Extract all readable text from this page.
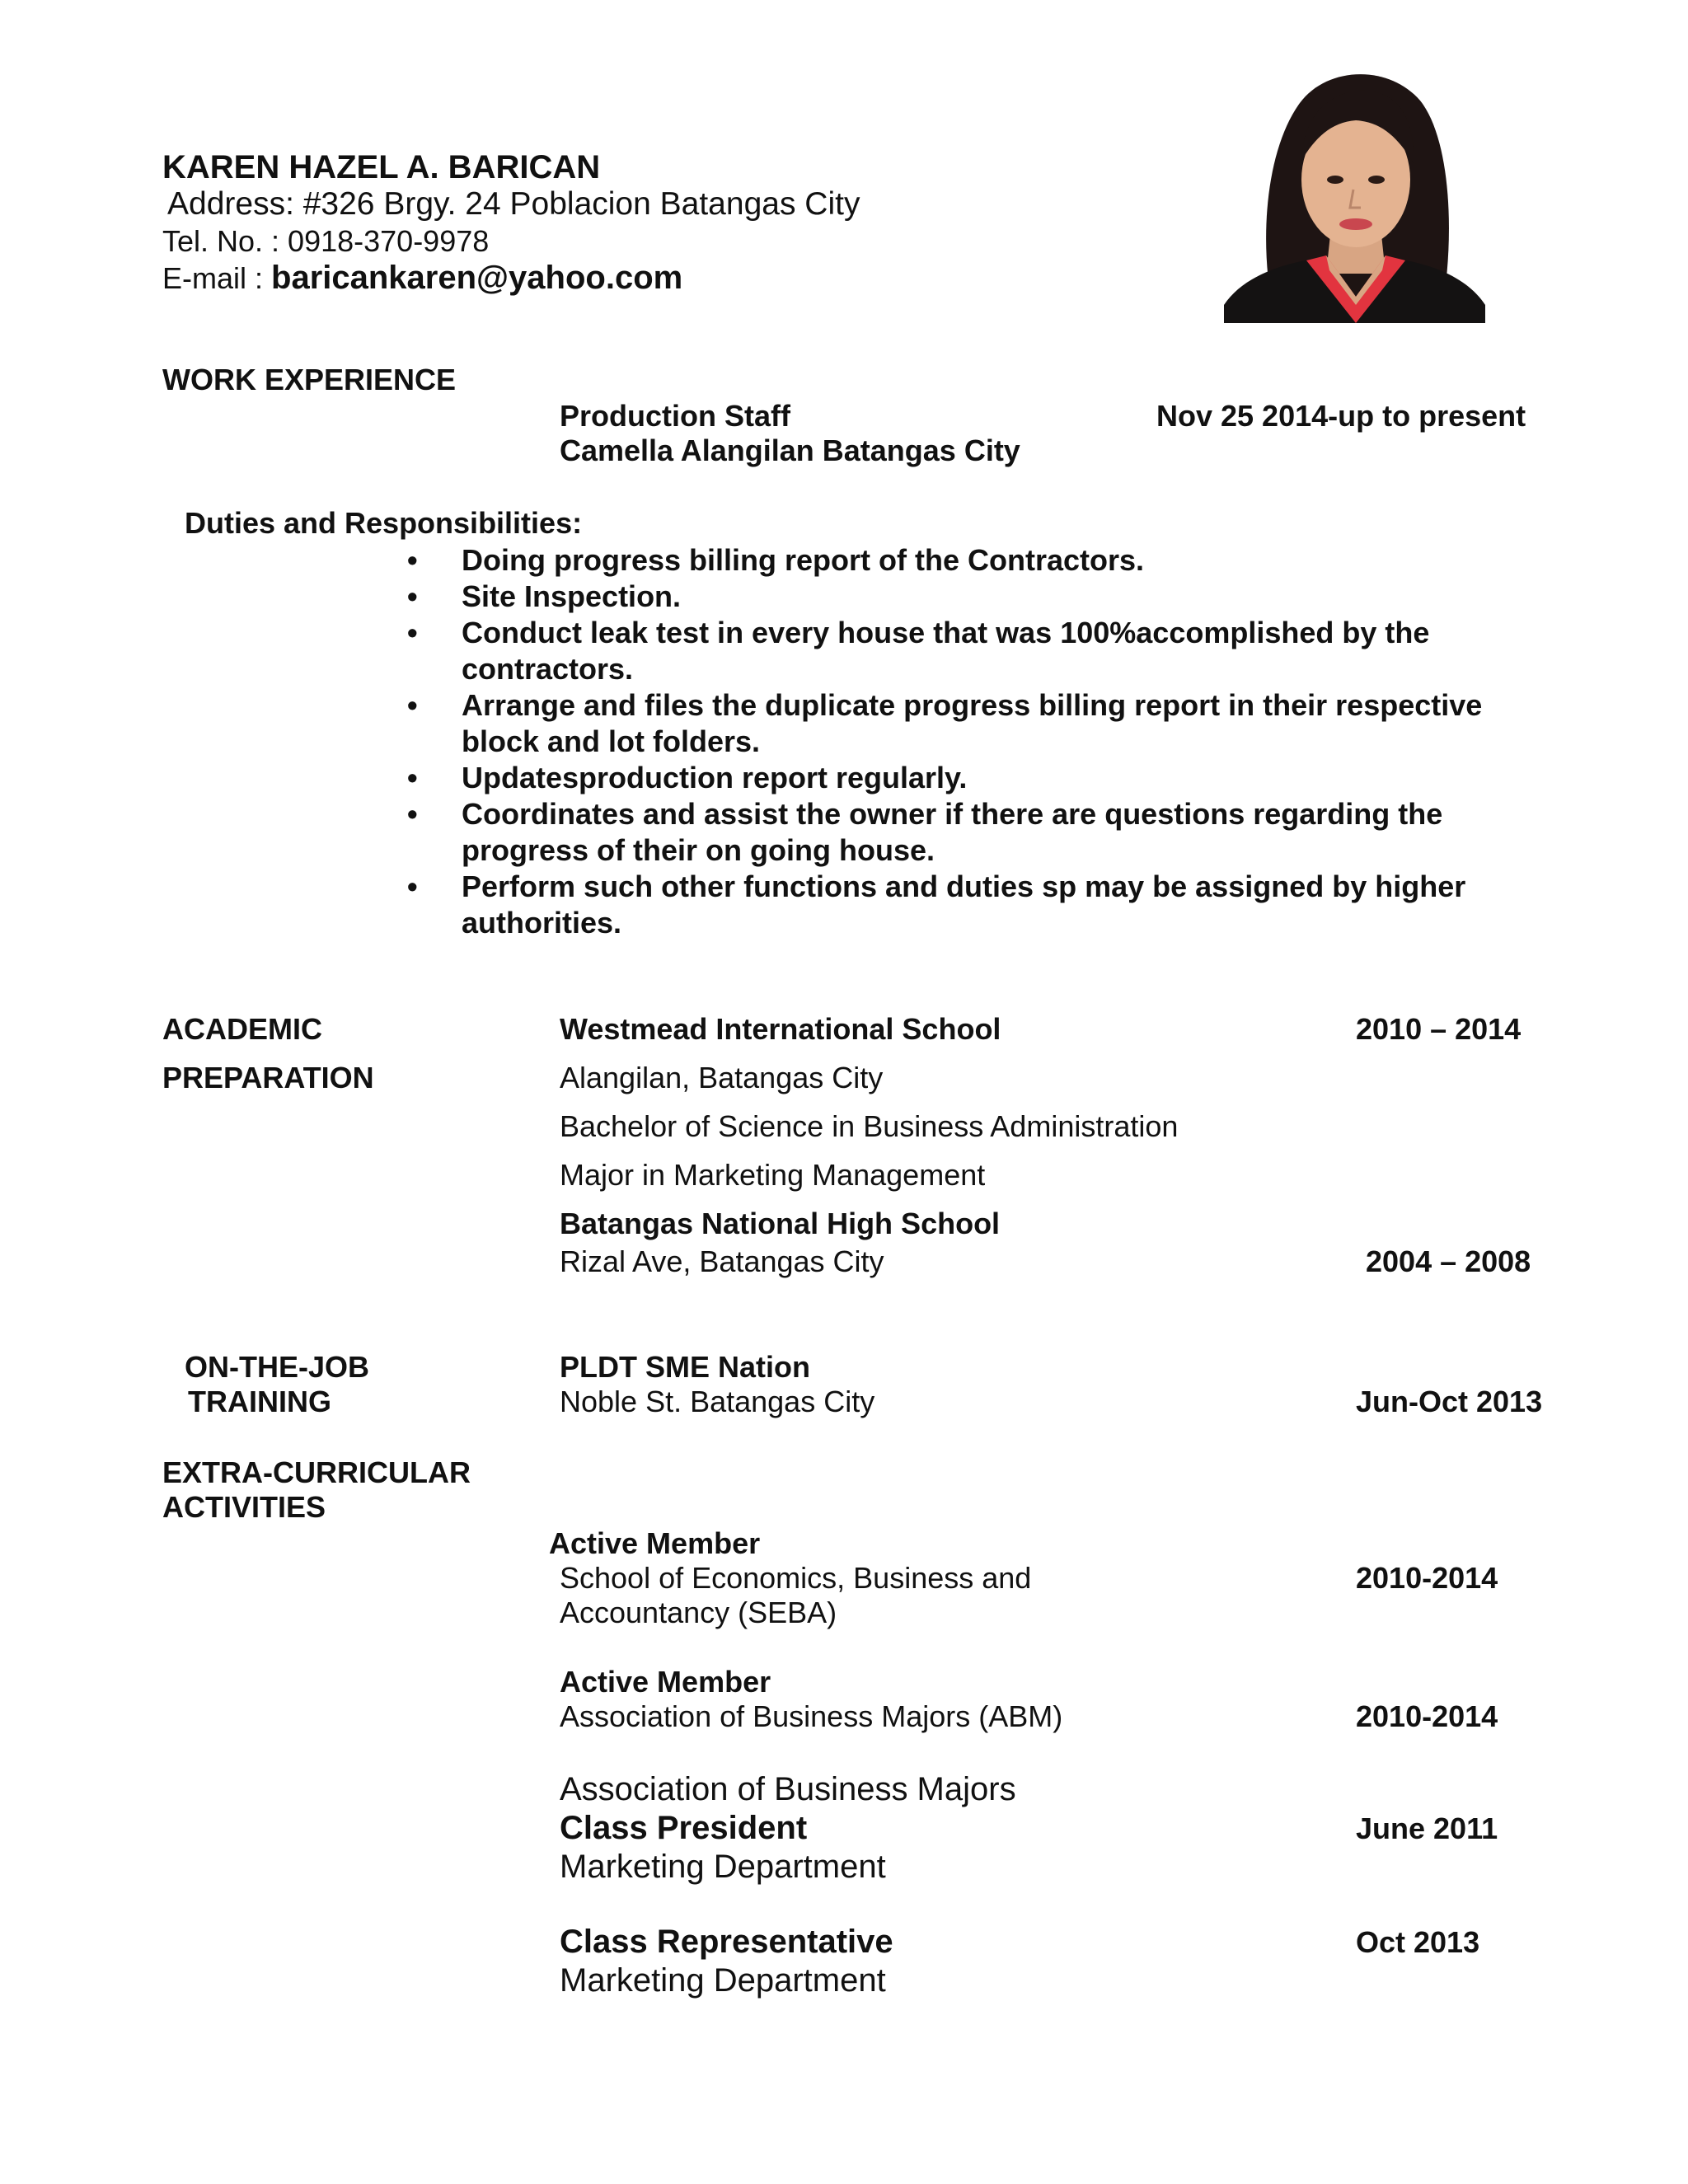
KAREN HAZEL A. BARICAN
Address: #326 Brgy. 24 Poblacion Batangas City
Tel. No. : 0918-370-9978
E-mail : baricankaren@yahoo.com
WORK EXPERIENCE
Production Staff
Camella Alangilan Batangas City
Nov 25 2014-up to present
Duties and Responsibilities:
• Doing progress billing report of the Contractors.
• Site Inspection.
• Conduct leak test in every house that was 100%accomplished by the contractors.
• Arrange and files the duplicate progress billing report in their respective block and lot folders.
• Updatesproduction report regularly.
• Coordinates and assist the owner if there are questions regarding the progress of their on going house.
• Perform such other functions and duties sp may be assigned by higher authorities.
ACADEMIC
PREPARATION
Westmead International School	2010 – 2014
Alangilan, Batangas City
Bachelor of Science in Business Administration
Major in Marketing Management
Batangas National High School
Rizal Ave, Batangas City	2004 – 2008
ON-THE-JOB
TRAINING
PLDT SME Nation
Noble St. Batangas City	Jun-Oct 2013
EXTRA-CURRICULAR
ACTIVITIES
Active Member
School of Economics, Business and
Accountancy (SEBA)
2010-2014
Active Member
Association of Business Majors (ABM)	2010-2014
Association of Business Majors
Class President	June 2011
Marketing Department
Class Representative	Oct 2013
Marketing Department
